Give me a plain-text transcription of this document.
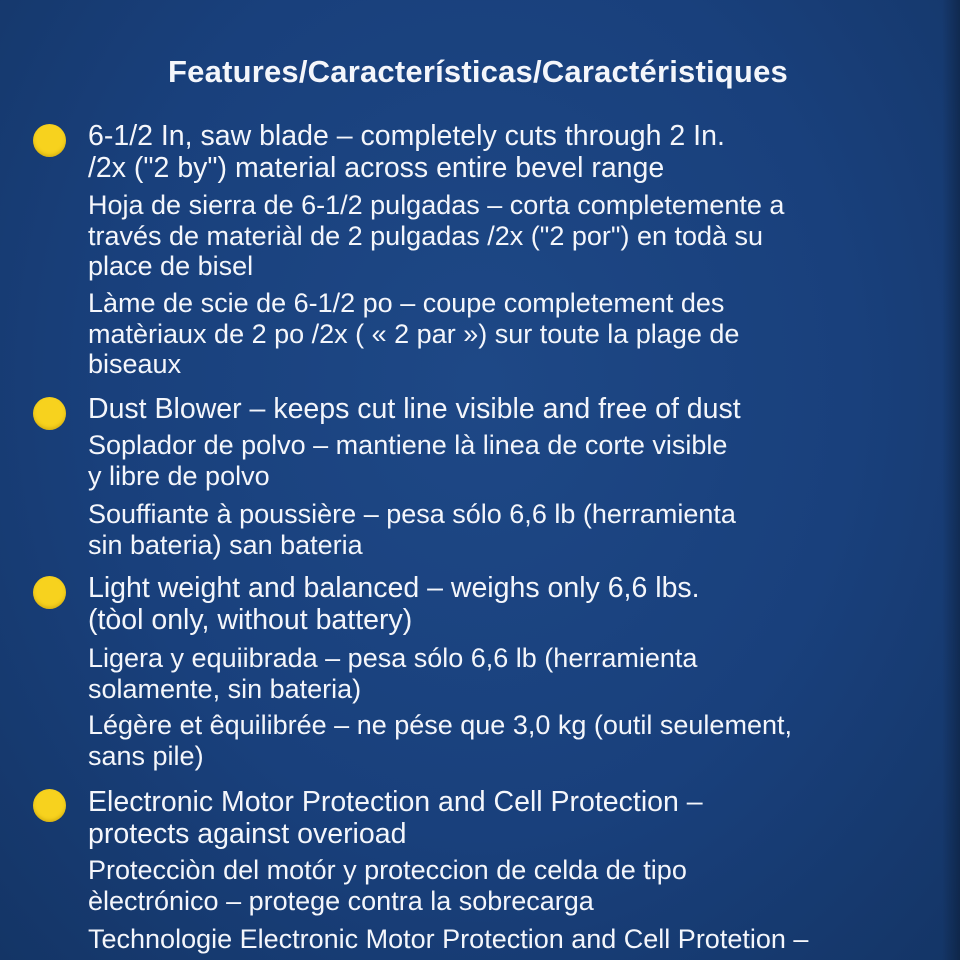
Features/Características/Caractéristiques
6-1/2 In, saw blade – completely cuts through 2 In.
/2x ("2 by") material across entire bevel range
Hoja de sierra de 6-1/2 pulgadas – corta completemente a
través de materiàl de 2 pulgadas /2x ("2 por") en todà su
place de bisel
Làme de scie de 6-1/2 po – coupe completement des
matèriaux de 2 po /2x ( « 2 par ») sur toute la plage de
biseaux
Dust Blower – keeps cut line visible and free of dust
Soplador de polvo – mantiene là linea de corte visible
y libre de polvo
Souffiante à poussière – pesa sólo 6,6 lb (herramienta
sin bateria) san bateria
Light weight and balanced – weighs only 6,6 lbs.
(tòol only, without battery)
Ligera y equiibrada – pesa sólo 6,6 lb (herramienta
solamente, sin bateria)
Légère et êquilibrée – ne pése que 3,0 kg (outil seulement,
sans pile)
Electronic Motor Protection and Cell Protection –
protects against overioad
Protecciòn del motór y proteccion de celda de tipo
èlectrónico – protege contra la sobrecarga
Technologie Electronic Motor Protection and Cell Protetion –
